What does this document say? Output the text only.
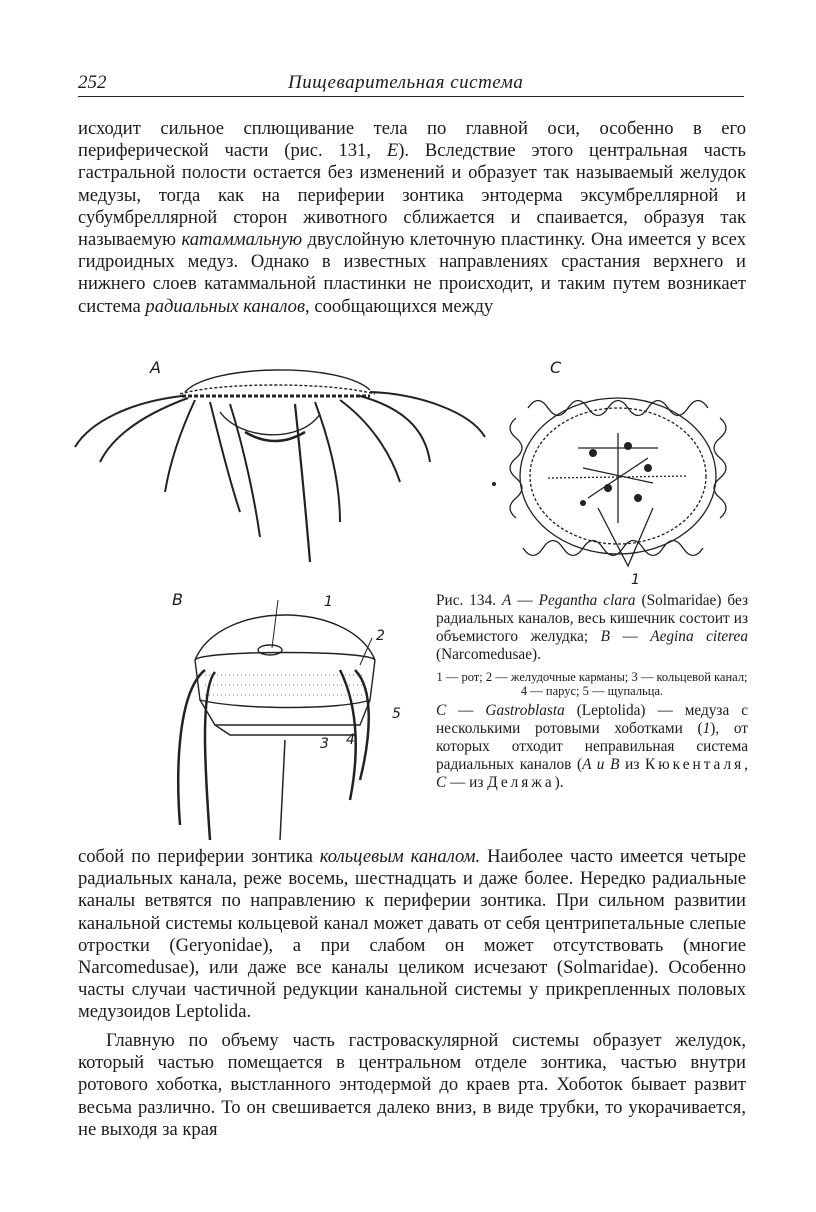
252	Пищеварительная система

исходит сильное сплющивание тела по главной оси, особенно в его периферической части (рис. 131, E). Вследствие этого центральная часть гастральной полости остается без изменений и образует так называемый желудок медузы, тогда как на периферии зонтика энтодерма эксумбреллярной и субумбреллярной сторон животного сближается и спаивается, образуя так называемую катаммальную двуслойную клеточную пластинку. Она имеется у всех гидроидных медуз. Однако в известных направлениях срастания верхнего и нижнего слоев катаммальной пластинки не происходит, и таким путем возникает система радиальных каналов, сообщающихся между

A	C
1
B	1
2
3 4
5

Рис. 134. A — Pegantha clara (Solmaridae) без радиальных каналов, весь кишечник состоит из объемистого желудка; B — Aegina citerea (Narcomedusae).

1 — рот; 2 — желудочные карманы; 3 — кольцевой канал; 4 — парус; 5 — щупальца.

C — Gastroblasta (Leptolida) — медуза с несколькими ротовыми хоботками (1), от которых отходит неправильная система радиальных каналов (A и B из Кюкенталя, C — из Деляжа).

собой по периферии зонтика кольцевым каналом. Наиболее часто имеется четыре радиальных канала, реже восемь, шестнадцать и даже более. Нередко радиальные каналы ветвятся по направлению к периферии зонтика. При сильном развитии канальной системы кольцевой канал может давать от себя центрипетальные слепые отростки (Geryonidae), а при слабом он может отсутствовать (многие Narcomedusae), или даже все каналы целиком исчезают (Solmaridae). Особенно часты случаи частичной редукции канальной системы у прикрепленных половых медузоидов Leptolida.

Главную по объему часть гастроваскулярной системы образует желудок, который частью помещается в центральном отделе зонтика, частью внутри ротового хоботка, выстланного энтодермой до краев рта. Хоботок бывает развит весьма различно. То он свешивается далеко вниз, в виде трубки, то укорачивается, не выходя за края
